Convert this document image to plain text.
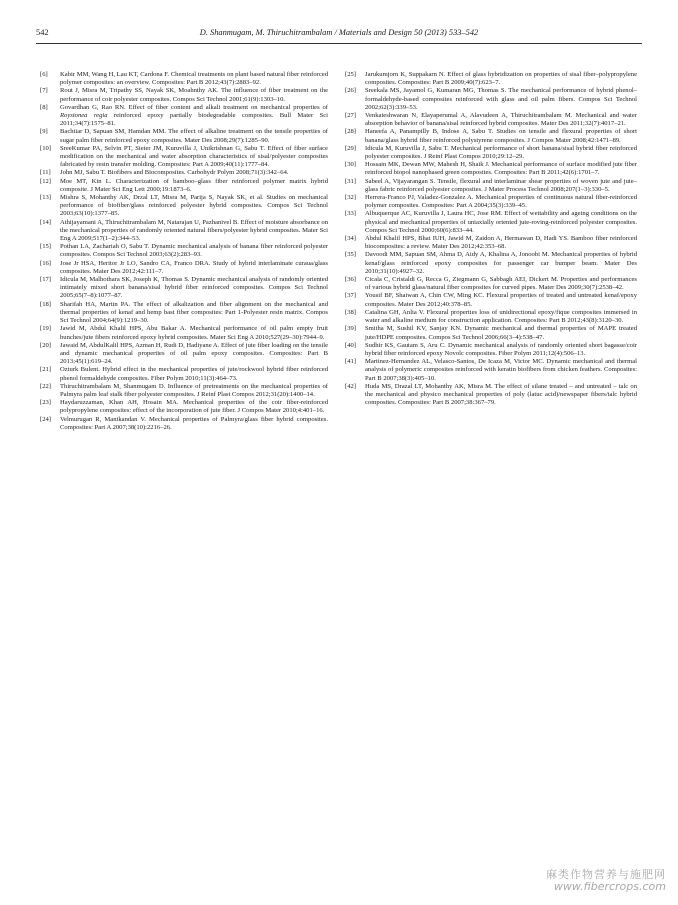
542	D. Shanmugam, M. Thiruchitrambalam / Materials and Design 50 (2013) 533–542

[6]	Kabir MM, Wang H, Lau KT, Cardona F. Chemical treatments on plant based natural fiber reinforced polymer composites: an overview. Composites: Part B 2012;43(7):2883–92.

[7]	Rout J, Misra M, Tripathy SS, Nayak SK, Moahnthy AK. The influence of fiber treatment on the performance of coir polyester composites. Compos Sci Technol 2001;61(9):1303–10.

[8]	Govardhan G, Rao RN. Effect of fiber content and alkali treatment on mechanical properties of Roystonea regia reinforced epoxy partially biodegradable composites. Bull Mater Sci 2011;34(7):1575–81.

[9]	Bachtiar D, Sapuan SM, Hamdan MM. The effect of alkaline treatment on the tensile properties of sugar palm fiber reinforced epoxy composites. Mater Des 2008;29(7):1285–90.

[10]	SreeKumar PA, Selvin PT, Sieter JM, Kuruvilla J, Unikrishnan G, Sabu T. Effect of fiber surface modification on the mechanical and water absorption characteristics of sisal/polyester composites fabricated by resin transfer molding. Composites: Part A 2009;40(11):1777–84.

[11]	John MJ, Sabu T. Biofibers and Biocomposites. Carbohydr Polym 2008;71(3):342–64.

[12]	Moe MT, Kin L. Characterization of bamboo–glass fiber reinforced polymer matrix hybrid composite. J Mater Sci Eng Lett 2000;19:1873–6.

[13]	Mishra S, Mohanthy AK, Drzal LT, Misra M, Parija S, Nayak SK, et al. Studies on mechanical performance of biofiber/glass reinforced polyester hybrid composites. Compos Sci Technol 2003;63(10):1377–85.

[14]	Athijayamani A, Thiruchitrambalam M, Natarajan U, Pazhanivel B. Effect of moisture absorbance on the mechanical properties of randomly oriented natural fibers/polyester hybrid composites. Mater Sci Eng A 2009;517(1–2):344–53.

[15]	Pothan LA, Zachariah O, Sabu T. Dynamic mechanical analysis of banana fiber reinforced polyester composites. Compos Sci Technol 2003;63(2):283–93.

[16]	Jose Jr HSA, Heritor Jr LO, Sandro CA, Franco DRA. Study of hybrid interlaminate curaua/glass composites. Mater Des 2012;42:111–7.

[17]	Idicula M, Malhothara SK, Joseph K, Thomas S. Dynamic mechanical analysis of randomly oriented intimately mixed short banana/sisal hybrid fiber reinforced composites. Compos Sci Technol 2005;65(7–8):1077–87.

[18]	Sharifah HA, Martin PA. The effect of alkalization and fiber alignment on the mechanical and thermal properties of kenaf and hemp bast fiber composites: Part 1-Polyester resin matrix. Compos Sci Technol 2004;64(9):1219–30.

[19]	Jawid M, Abdul Khalil HPS, Abu Bakar A. Mechanical performance of oil palm empty fruit bunches/jute fibers reinforced epoxy hybrid composites. Mater Sci Eng A 2010;527(29–30):7944–9.

[20]	Jawaid M, AbdulKalil HPS, Azman H, Rudi D, Hadiyane A. Effect of jute fiber loading on the tensile and dynamic mechanical properties of oil palm epoxy composites. Composites: Part B 2013;45(1):619–24.

[21]	Ozturk Bulent. Hybrid effect in the mechanical properties of jute/rockwool hybrid fiber reinforced phenol formaldehyde composites. Fiber Polym 2010;11(3):464–73.

[22]	Thiruchitrambalam M, Shanmugam D. Influence of pretreatments on the mechanical properties of Palmyra palm leaf stalk fiber polyester composites. J Reinf Plast Compos 2012;31(20):1400–14.

[23]	Haydaruzzaman, Khan AH, Hosain MA. Mechanical properties of the coir fiber-reinforced polypropylene composites: effect of the incorporation of jute fiber. J Compos Mater 2010;4:401–16.

[24]	Velmurugan R, Manikandan V. Mechanical properties of Palmyra/glass fiber hybrid composites. Composites: Part A 2007;38(10):2216–26.

[25]	Jarukumjorn K, Suppakarn N. Effect of glass hybridization on properties of sisal fiber–polypropylene composites. Composites: Part B 2009;40(7):623–7.

[26]	Sreekala MS, Jayamol G, Kumaran MG, Thomas S. The mechanical performance of hybrid phenol–formaldehyde-based composites reinforced with glass and oil palm fibers. Compos Sci Technol 2002;62(3):339–53.

[27]	Venkateshwaran N, Elayaperumal A, Alavudeen A, Thiruchitrambalam M. Mechanical and water absorption behavior of banana/sisal reinforced hybrid composites. Mater Des 2011;32(7):4017–21.

[28]	Haneefa A, Panampilly B, Indose A, Sabu T. Studies on tensile and flexural properties of short banana/glass hybrid fiber reinforced polystyrene composites. J Compos Mater 2008;42:1471–89.

[29]	Idicula M, Kuruvilla J, Sabu T. Mechanical performance of short banana/sisal hybrid fiber reinforced polyester composites. J Reinf Plast Compos 2010;29:12–29.

[30]	Hossain MK, Dewan MW, Mahesh H, Shaik J. Mechanical performance of surface modified jute fiber reinforced biopol nanophased green composites. Composites: Part B 2011;42(6):1701–7.

[31]	Sabeel A, Vijayarangan S. Tensile, flexural and interlaminar shear properties of woven jute and jute–glass fabric reinforced polyester composites. J Mater Process Technol 2008;207(1–3):330–5.

[32]	Herrera-Franco PJ, Valadez-Gonzalez A. Mechanical properties of continuous natural fiber-reinforced polymer composites. Composites: Part A 2004;35(3):339–45.

[33]	Albuquerque AC, Kuruvilla J, Laura HC, Jose RM. Effect of wettability and ageing conditions on the physical and mechanical properties of uniaxially oriented jute-roving-reinforced polyester composites. Compos Sci Technol 2000;60(6):833–44.

[34]	Abdul Khalil HPS, Bhat IUH, Jawid M, Zaidon A, Hermawan D, Hadi YS. Bamboo fiber reinforced biocomposites: a review. Mater Des 2012;42:353–68.

[35]	Davoodi MM, Sapuan SM, Ahma D, Aidy A, Khalina A, Jonoobi M. Mechanical properties of hybrid kenaf/glass reinforced epoxy composites for passenger car bumper beam. Mater Des 2010;31(10):4927–32.

[36]	Cicala C, Cristaldi G, Recca G, Ziegmann G, Sabbagh AEI, Dickert M. Properties and performances of various hybrid glass/natural fiber composites for curved pipes. Mater Des 2009;30(7):2538–42.

[37]	Yousif BF, Shaiwan A, Chin CW, Ming KC. Flexural properties of treated and untreated kenaf/epoxy composites. Mater Des 2012;40:378–85.

[38]	Catalina GH, Anlia V. Flexural properties loss of unidirectional epoxy/fique composites immersed in water and alkaline medium for construction application. Composites: Part B 2012;43(8):3120–30.

[39]	Smitha M, Sushil KV, Sanjay KN. Dynamic mechanical and thermal properties of MAPE treated jute/HDPE composites. Compos Sci Technol 2006;66(3–4):538–47.

[40]	Sudhir KS, Gautam S, Aru C. Dynamic mechanical analysis of randomly oriented short bagasse/coir hybrid fiber reinforced epoxy Novolc composites. Fiber Polym 2011;12(4):506–13.

[41]	Martinez-Hernandez AL, Velasco-Santos, De Icaza M, Victor MC. Dynamic mechanical and thermal analysis of polymeric composites reinforced with keratin biofibers from chicken feathers. Composites: Part B 2007;38(3):405–10.

[42]	Huda MS, Drazal LT, Mohanthy AK, Misra M. The effect of silane treated – and untreated – talc on the mechanical and physico mechanical properties of poly (latuc acid)/newspaper fibers/talc hybrid composites. Composites: Part B 2007;38:367–79.

麻类作物营养与施肥网
www.fibercrops.com
